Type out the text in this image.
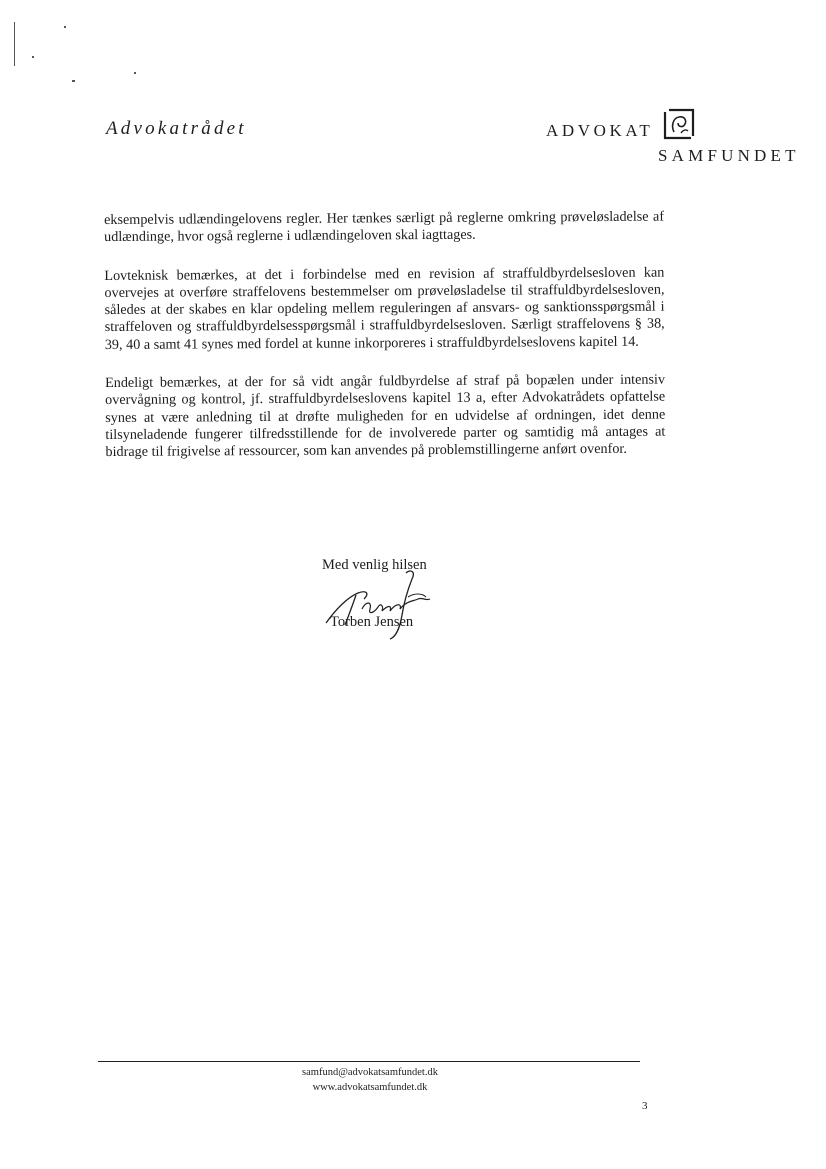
Advokatrådet	ADVOKAT
SAMFUNDET

eksempelvis udlændingelovens regler. Her tænkes særligt på reglerne omkring prøveløsladelse af udlændinge, hvor også reglerne i udlændingeloven skal iagttages.

Lovteknisk bemærkes, at det i forbindelse med en revision af straffuldbyrdelsesloven kan overvejes at overføre straffelovens bestemmelser om prøveløsladelse til straffuldbyrdelsesloven, således at der skabes en klar opdeling mellem reguleringen af ansvars- og sanktionsspørgsmål i straffeloven og straffuldbyrdelsesspørgsmål i straffuldbyrdelsesloven. Særligt straffelovens § 38, 39, 40 a samt 41 synes med fordel at kunne inkorporeres i straffuldbyrdelseslovens kapitel 14.

Endeligt bemærkes, at der for så vidt angår fuldbyrdelse af straf på bopælen under intensiv overvågning og kontrol, jf. straffuldbyrdelseslovens kapitel 13 a, efter Advokatrådets opfattelse synes at være anledning til at drøfte muligheden for en udvidelse af ordningen, idet denne tilsyneladende fungerer tilfredsstillende for de involverede parter og samtidig må antages at bidrage til frigivelse af ressourcer, som kan anvendes på problemstillingerne anført ovenfor.

Med venlig hilsen
Torben Jensen
samfund@advokatsamfundet.dk
www.advokatsamfundet.dk
3
